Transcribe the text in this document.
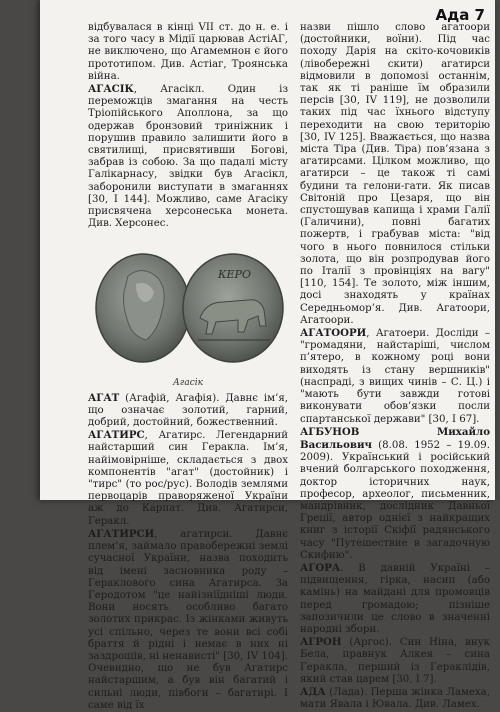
Ада 7

відбувалася в кінці VII ст. до н. е. і за того часу в Мідії царював АстіАГ, не виключено, що Агамемнон є його прототипом. Див. Астіаг, Троянська війна.

АГАСІК, Агасікл. Один із переможців змагання на честь Тріопійського Аполлона, за що одержав бронзовий триніжник і порушив правило залишити його в святилищі, присвятивши Богові, забрав із собою. За що падалі місту Галікарнасу, звідки був Агасікл, заборонили виступати в змаганнях [30, I 144]. Можливо, саме Агасіку присвячена херсонеська монета. Див. Херсонес.

КЕРO
Агасік

АГАТ (Агафій, Агафія). Давнє ім’я, що означає золотий, гарний, добрий, достойний, божественний.

АГАТИРС, Агатирс. Легендарний найстарший син Геракла. Ім’я, найімовірніше, складається з двох компонентів "агат" (достойник) і "тирс" (то рос/рус). Володів землями первоцарів праворяженої України аж до Карпат. Див. Агатирси, Геракл.

АГАТИРСИ, агатирси. Давнє плем’я, займало правобережні землі сучасної України, назва походить від імені засновника роду – Гераклового сина Агатирса. За Геродотом "це найізніїдніші люди. Вони носять особливо багато золотих прикрас. Із жінками живуть усі спільно, через те вони всі собі браття й рідні і немає в них ні заздрощів, ні ненависті" [30, IV 104]. Очевидно, що не був Агатирс найстаршим, а був він багатий і сильні люди, півбоги – багатирі. І саме від їх

назви пішло слово агатоори (достойники, воїни). Під час походу Дарія на скіто-кочовиків (лівобережні скити) агатирси відмовили в допомозі останнім, так як ті раніше їм образили персів [30, IV 119], не дозволили таких під час їхнього відступу переходити на свою територію [30, IV 125]. Вважається, що назва міста Тіра (Див. Тіра) пов’язана з агатирсами. Цілком можливо, що агатирси – це також ті самі будини та гелони-гати. Як писав Світоній про Цезаря, що він спустошував капища і храми Галії (Галичини), повні багатих пожертв, і грабував міста: "від чого в нього повнилося стільки золота, що він розпродував його по Італії з провінціях на вагу" [110, 154]. Те золото, між іншим, досі знаходять у країнах Середньомор’я. Див. Агатоори, Агатоори.

АГАТООРИ, Агатоери. Досліди – "громадяни, найстаріші, числом п’ятеро, в кожному році вони виходять із стану вершників" (наспраді, з вищих чинів – С. Ц.) і "мають бути завжди готові виконувати обов’язки посли спартанської держави" [30, I 67].

АГБУНОВ Михайло Васильович (8.08. 1952 – 19.09. 2009). Український і російський вчений болгарського походження, доктор історичних наук, професор, археолог, письменник, мандрівник, дослідник Давньої Греції, автор однієї з найкращих книг з історії Скіфії радянського часу "Путешествие в загадочную Скифию".

АГОРА. В давній Україні – підвищення, гірка, насип (або камінь) на майдані для промовців перед громадою; пізніше запозичили це слово в значенні народні збори.

АГРОН (Аргос). Син Ніна, внук Бела, правнук Алкея – сина Геракла, перший із Гераклідів, який став царем [30, I 7].

АДА (Лада). Перша жінка Ламеха, мати Явала і Ювала. Див. Ламех.
